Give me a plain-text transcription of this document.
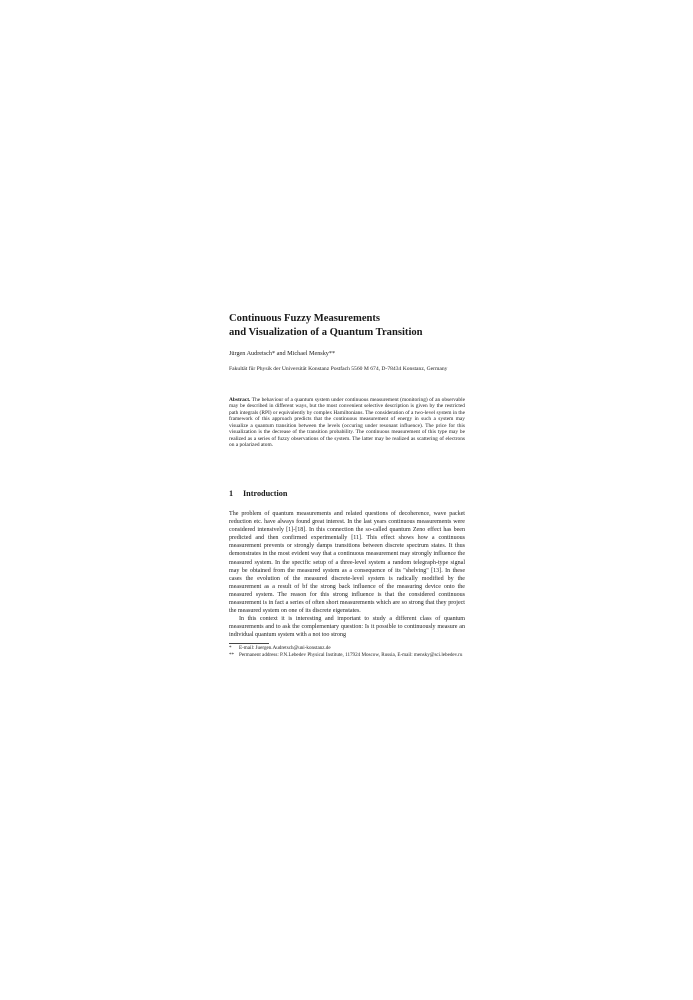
Continuous Fuzzy Measurements
and Visualization of a Quantum Transition
Jürgen Audretsch* and Michael Mensky**
Fakultät für Physik der Universität Konstanz Postfach 5560 M 674, D-78434 Konstanz, Germany
Abstract. The behaviour of a quantum system under continuous measurement (monitoring) of an observable may be described in different ways, but the most convenient selective description is given by the restricted path integrals (RPI) or equivalently by complex Hamiltonians. The consideration of a two-level system in the framework of this approach predicts that the continuous measurement of energy in such a system may visualize a quantum transition between the levels (occuring under resonant influence). The price for this visualization is the decrease of the transition probability. The continuous measurement of this type may be realized as a series of fuzzy observations of the system. The latter may be realized as scattering of electrons on a polarized atom.
1 Introduction

The problem of quantum measurements and related questions of decoherence, wave packet reduction etc. have always found great interest. In the last years continuous measurements were considered intensively [1]-[18]. In this connection the so-called quantum Zeno effect has been predicted and then confirmed experimentally [11]. This effect shows how a continuous measurement prevents or strongly damps transitions between discrete spectrum states. It thus demonstrates in the most evident way that a continuous measurement may strongly influence the measured system. In the specific setup of a three-level system a random telegraph-type signal may be obtained from the measured system as a consequence of its "shelving" [13]. In these cases the evolution of the measured discrete-level system is radically modified by the measurement as a result of bf the strong back influence of the measuring device onto the measured system. The reason for this strong influence is that the considered continuous measurement is in fact a series of often short measurements which are so strong that they project the measured system on one of its discrete eigenstates.

In this context it is interesting and important to study a different class of quantum measurements and to ask the complementary question: Is it possible to continuously measure an individual quantum system with a not too strong

*	E-mail: Juergen.Audretsch@uni-konstanz.de
** Permanent address: P.N.Lebedev Physical Institute, 117924 Moscow, Russia, E-mail: mensky@sci.lebedev.ru
